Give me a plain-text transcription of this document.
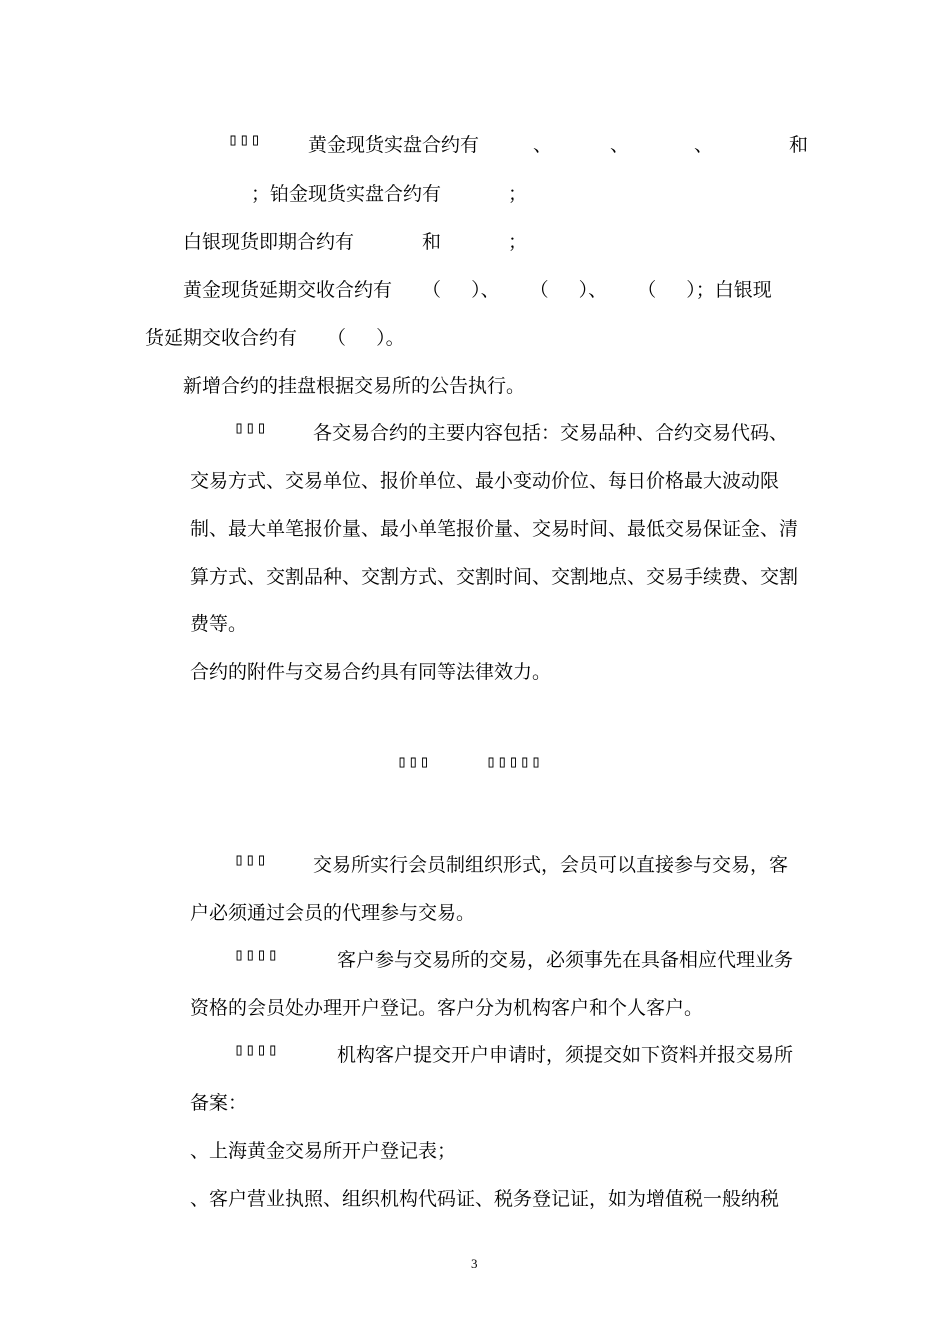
▯▯▯ 黄金现货实盘合约有	、	、	、	和
；铂金现货实盘合约有	；
白银现货即期合约有	和	；
黄金现货延期交收合约有 （ ）、 （ ）、 （ ）；白银现
货延期交收合约有 （ ）。
新增合约的挂盘根据交易所的公告执行。
▯▯▯ 各交易合约的主要内容包括：交易品种、合约交易代码、
交易方式、交易单位、报价单位、最小变动价位、每日价格最大波动限
制、最大单笔报价量、最小单笔报价量、交易时间、最低交易保证金、清
算方式、交割品种、交割方式、交割时间、交割地点、交易手续费、交割
费等。
合约的附件与交易合约具有同等法律效力。
▯▯▯	▯▯▯▯▯
▯▯▯ 交易所实行会员制组织形式，会员可以直接参与交易，客
户必须通过会员的代理参与交易。
▯▯▯▯	客户参与交易所的交易，必须事先在具备相应代理业务
资格的会员处办理开户登记。客户分为机构客户和个人客户。
▯▯▯▯	机构客户提交开户申请时，须提交如下资料并报交易所
备案：
、上海黄金交易所开户登记表；
、客户营业执照、组织机构代码证、税务登记证，如为增值税一般纳税
3
